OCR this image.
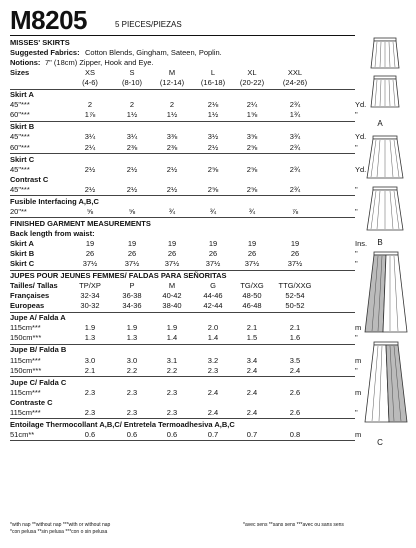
M8205	5 PIECES/PIEZAS
MISSES' SKIRTS
Suggested Fabrics: Cotton Blends, Gingham, Sateen, Poplin.
Notions: 7" (18cm) Zipper, Hook and Eye.
Sizes	XS	S	M	L	XL	XXL
(4-6)	(8-10)	(12-14)	(16-18)	(20-22)	(24-26)
Skirt A
45"***	2	2	2	2⅛	2¼	2¾	Yd.
60"***	1⅞	1½	1½	1½	1⅝	1¾	"
Skirt B
45"***	3¼	3¼	3⅜	3½	3⅝	3¾	Yd.
60"***	2¼	2⅜	2⅜	2½	2⅝	2¾	"
Skirt C
45"***	2½	2½	2½	2⅝	2⅝	2¾	Yd.
Contrast C
45"***	2½	2½	2½	2⅝	2⅝	2¾	"
Fusible Interfacing A,B,C
20"**	⅝	⅝	¾	¾	¾	⅞	"
FINISHED GARMENT MEASUREMENTS
Back length from waist:
Skirt A	19	19	19	19	19	19	Ins.
Skirt B	26	26	26	26	26	26	"
Skirt C	37½	37½	37½	37½	37½	37½	"
JUPES POUR JEUNES FEMMES/ FALDAS PARA SEÑORITAS
Tailles/ Tallas	TP/XP	P	M	G	TG/XG	TTG/XXG
Françaises	32-34	36-38	40-42	44-46	48-50	52-54
Europeas	30-32	34-36	38-40	42-44	46-48	50-52
Jupe A/ Falda A
115cm***	1.9	1.9	1.9	2.0	2.1	2.1	m
150cm***	1.3	1.3	1.4	1.4	1.5	1.6	"
Jupe B/ Falda B
115cm***	3.0	3.0	3.1	3.2	3.4	3.5	m
150cm***	2.1	2.2	2.2	2.3	2.4	2.4	"
Jupe C/ Falda C
115cm***	2.3	2.3	2.3	2.4	2.4	2.6	m
Contraste C
115cm***	2.3	2.3	2.3	2.4	2.4	2.6	"
Entoilage Thermocollant A,B,C/ Entretela Termoadhesiva A,B,C
51cm**	0.6	0.6	0.6	0.7	0.7	0.8	m
*with nap **without nap ***with or without nap
*con pelusa **sin pelusa ***con o sin pelusa
*avec sens **sans sens ***avec ou sans sens
A
B
C
